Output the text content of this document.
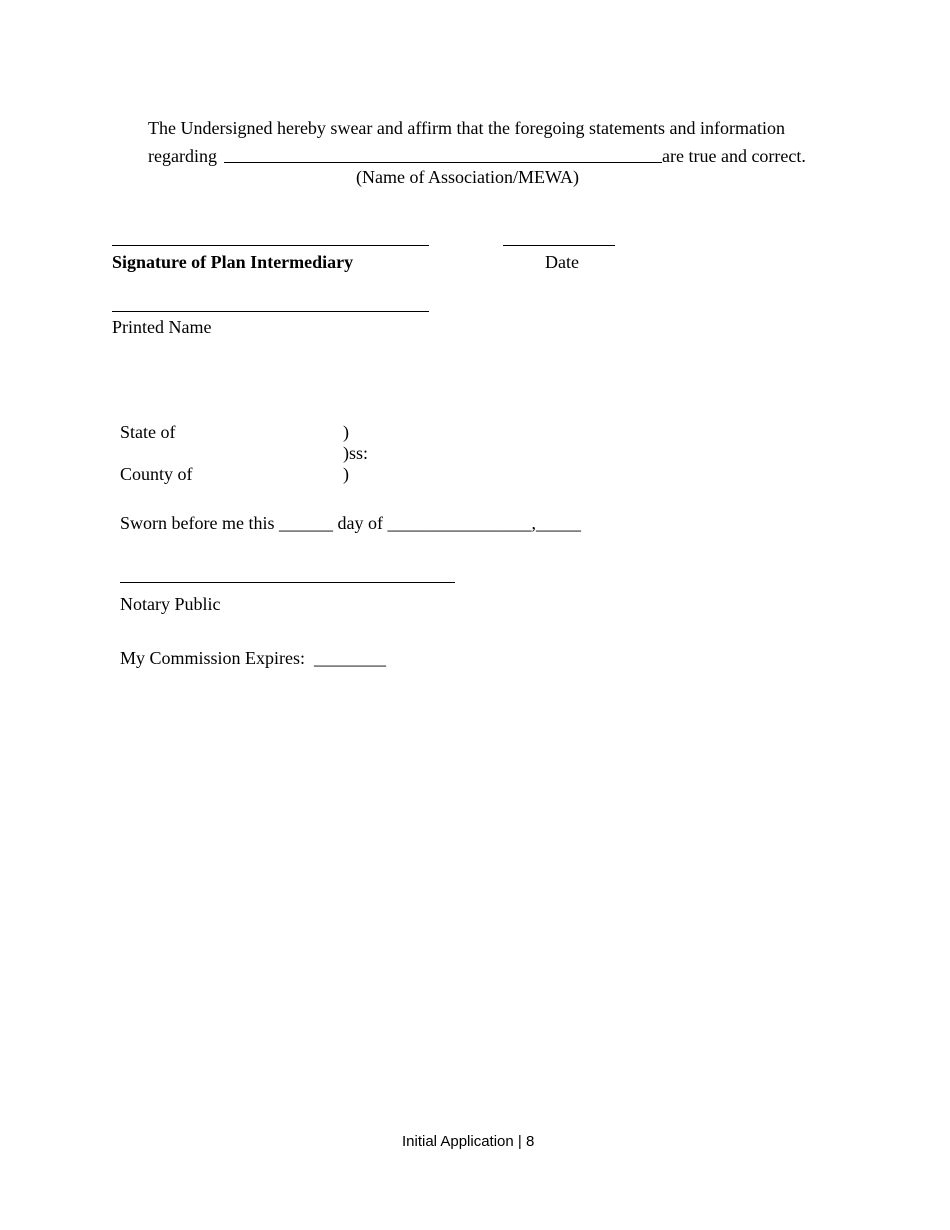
The Undersigned hereby swear and affirm that the foregoing statements and information
regarding	are true and correct.
(Name of Association/MEWA)
Signature of Plan Intermediary	Date
Printed Name
State of	)
)ss:
County of	)
Sworn before me this ______ day of ________________,_____
Notary Public
My Commission Expires:  ________
Initial Application | 8
